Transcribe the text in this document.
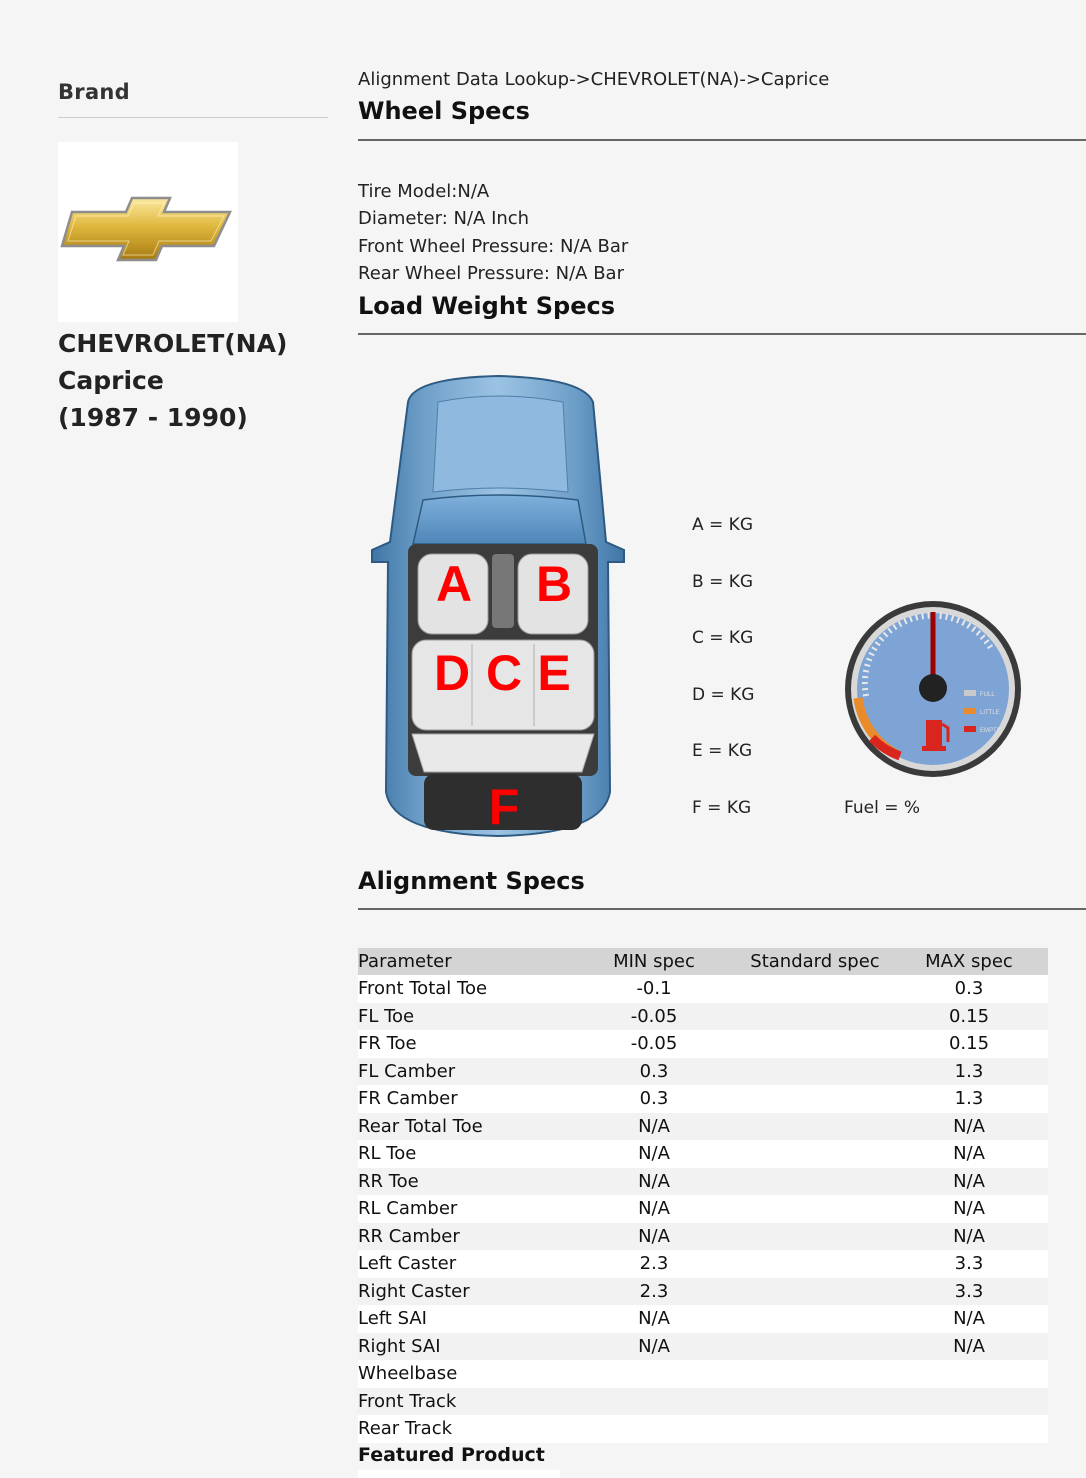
Brand
CHEVROLET(NA)
Caprice
(1987 - 1990)
Alignment Data Lookup->CHEVROLET(NA)->Caprice
Wheel Specs
Tire Model:N/A
Diameter: N/A Inch
Front Wheel Pressure: N/A Bar
Rear Wheel Pressure: N/A Bar
Load Weight Specs
A B
D C E
F
A = KG
B = KG
C = KG
D = KG
E = KG
F = KG
FULL
LITTLE
EMPTY
Fuel = %
Alignment Specs
Parameter	MIN spec	Standard spec	MAX spec
Front Total Toe	-0.1		0.3
FL Toe	-0.05		0.15
FR Toe	-0.05		0.15
FL Camber	0.3		1.3
FR Camber	0.3		1.3
Rear Total Toe	N/A		N/A
RL Toe	N/A		N/A
RR Toe	N/A		N/A
RL Camber	N/A		N/A
RR Camber	N/A		N/A
Left Caster	2.3		3.3
Right Caster	2.3		3.3
Left SAI	N/A		N/A
Right SAI	N/A		N/A
Wheelbase			
Front Track			
Rear Track			
Featured Product
